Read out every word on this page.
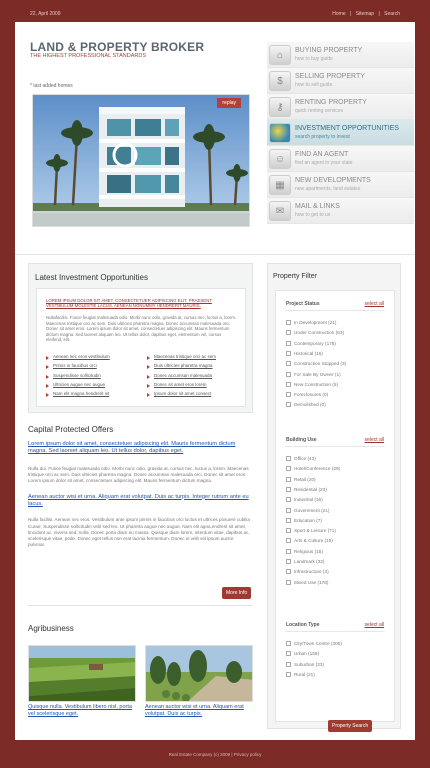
22, April 2009	Home | Sitemap | Search
LAND & PROPERTY BROKER
THE HIGHEST PROFESSIONAL STANDARDS
* last added homes
replay
⌂	BUYING PROPERTY
how to buy guide
$	SELLING PROPERTY
how to sell guide
⚷	RENTING PROPERTY
quick renting services
INVESTMENT OPPORTUNITIES
search property to invest
☺	FIND AN AGENT
find an agent in your state
▦	NEW DEVELOPMENTS
new apartments, land estates
✉	MAIL & LINKS
how to get to us
Latest Investment Opportunities
LOREM IPSUM DOLOR SIT AMET, CONSECTETUER ADIPISCING ELIT. PRAESENT VESTIBULUM MOLESTIE LACUS. AENEAN NONUMMY HENDRERIT MAURIS.
Nullafacilisi. Fusce feugiat malesuada odio. Morbi nunc odio, gravida at, cursus nec, luctus a, lorem. Maecenas tristique orci ac sem. Duis ultricies pharetra magna. Donec accumsan malesuada orci. Donec sit amet eros. Lorem ipsum dolor sit amet, consectetuer adipiscing elit. Mauris fermentum dictum magna. Sed laoreet aliquam leo. Ut tellus dolor, dapibus eget, elementum vel, cursus eleifend, elit.
Aenean nec eros vestibulum
Primis in faucibus orci
Suspendisse sollicitudin
Ultricies augue nec augue
Nam elit magna hendrerit sit
Maecenas tristique orci ac sem
Duis ultricies pharetra magna
Donec accumsan malesuada
Donec sit amet eros lorem
Ipsum dolor sit amet consect
Capital Protected Offers
Lorem ipsum dolor sit amet, consectetuer adipiscing elit. Mauris fermentum dictum magna. Sed laoreet aliquam leo. Ut tellus dolor, dapibus eget.

Nulla dui. Fusce feugiat malesuada odio. Morbi nunc odio, gravida at, cursus nec, luctus a, lorem. Maecenas tristique orci ac sem. Duis ultricies pharetra magna. Donec accumsan malesuada orci. Donec sit amet eros. Lorem ipsum dolor sit amet, consectetuer adipiscing elit. Mauris fermentum dictum magna.

Aenean auctor wisi et urna. Aliquam erat volutpat. Duis ac turpis. Integer rutrum ante eu lacus.

Nulla facilisi. Aenean nec eros. Vestibulum ante ipsum primis in faucibus orci luctus et ultrices posuere cubilia Curae; Suspendisse sollicitudin velit sed leo. Ut pharetra augue nec augue. Nam elit agna,endrerit sit amet, tincidunt ac, viverra sed, nulla. Donec porta diam eu massa. Quisque diam lorem, interdum vitae, dapibus ac, scelerisque vitae, pede. Donec eget tellus non erat lacinia fermentum. Donec in velit vel ipsum auctor pulvinar.

More Info
Agribusiness
Quisque nulla. Vestibulum libero nisl, porta vel scelerisque eget.
Aenean auctor wisi et urna. Aliquam erat volutpat. Duis ac turpis.
Property Filter
Property Search
Project Status	select all
In Development (21)
Under Construction (63)
Contemporary (178)
Historical (16)
Construction Stopped (3)
For Sale By Owner (1)
New Construction (5)
Foreclosures (0)
Demolished (0)
Building Use	select all
Office (43)
Hotel/Conference (29)
Retail (20)
Residential (23)
Industrial (16)
Government (21)
Education (7)
Sport & Leisure (71)
Arts & Culture (16)
Religious (15)
Landmark (32)
Infrastructure (4)
Mixed Use (178)
Location Type	select all
City/Town Centre (305)
Urban (158)
Suburban (23)
Rural (21)
Real Estate Company (c) 2009 | Privacy policy
